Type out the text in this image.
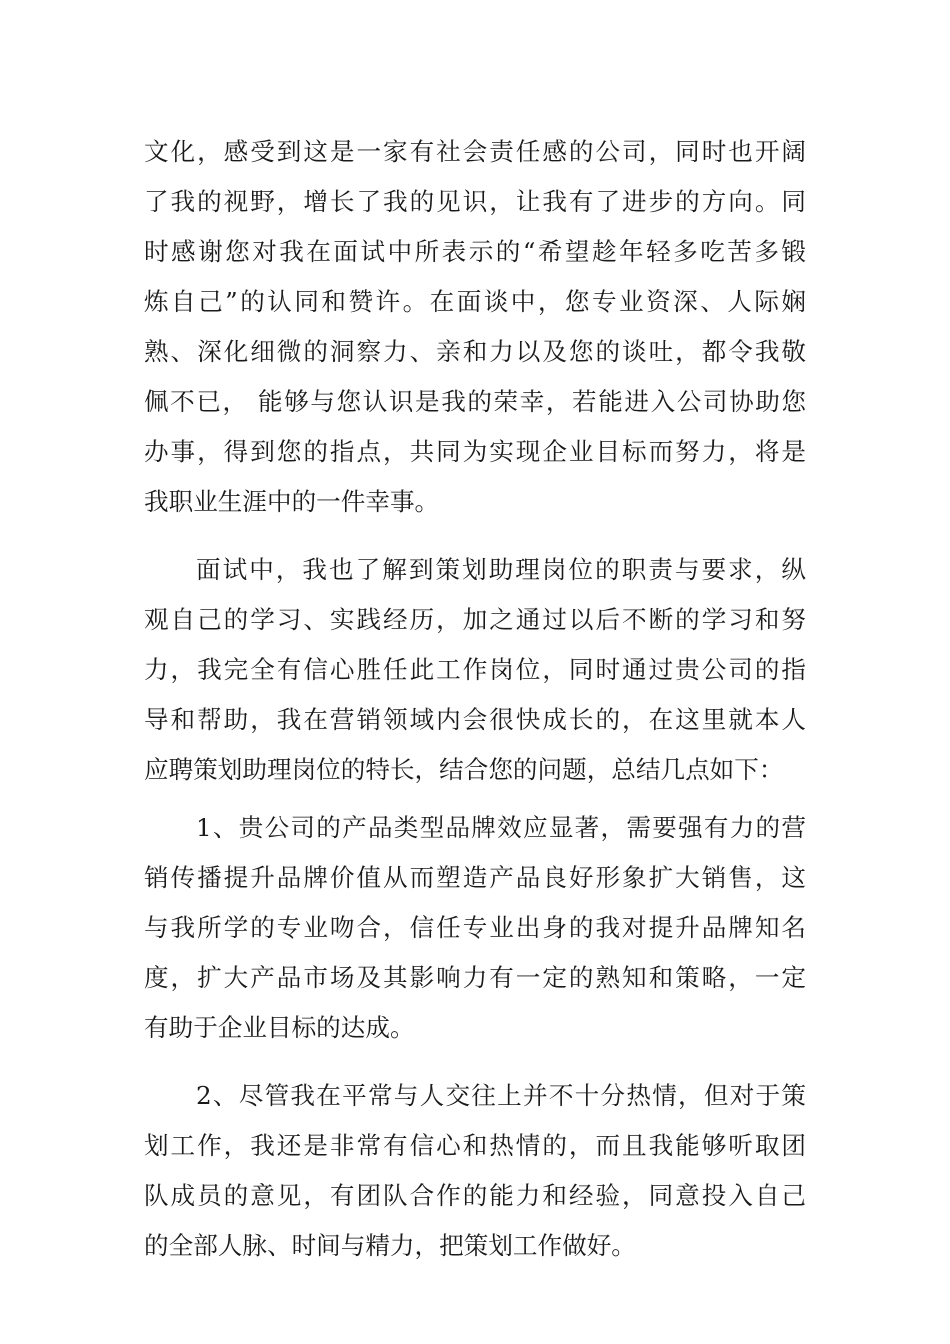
文化，感受到这是一家有社会责任感的公司，同时也开阔
了我的视野，增长了我的见识，让我有了进步的方向。同
时感谢您对我在面试中所表示的“希望趁年轻多吃苦多锻
炼自己”的认同和赞许。在面谈中，您专业资深、人际娴
熟、深化细微的洞察力、亲和力以及您的谈吐，都令我敬
佩不已， 能够与您认识是我的荣幸，若能进入公司协助您
办事，得到您的指点，共同为实现企业目标而努力，将是
我职业生涯中的一件幸事。
面试中，我也了解到策划助理岗位的职责与要求，纵
观自己的学习、实践经历，加之通过以后不断的学习和努
力，我完全有信心胜任此工作岗位，同时通过贵公司的指
导和帮助，我在营销领域内会很快成长的，在这里就本人
应聘策划助理岗位的特长，结合您的问题，总结几点如下：
1、贵公司的产品类型品牌效应显著，需要强有力的营
销传播提升品牌价值从而塑造产品良好形象扩大销售，这
与我所学的专业吻合，信任专业出身的我对提升品牌知名
度，扩大产品市场及其影响力有一定的熟知和策略，一定
有助于企业目标的达成。
2、尽管我在平常与人交往上并不十分热情，但对于策
划工作，我还是非常有信心和热情的，而且我能够听取团
队成员的意见，有团队合作的能力和经验，同意投入自己
的全部人脉、时间与精力，把策划工作做好。
